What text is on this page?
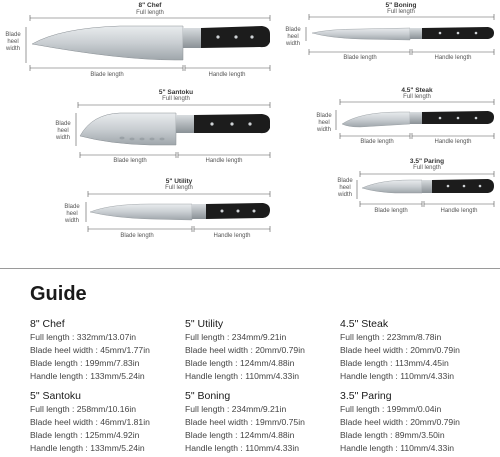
8" Chef
Full length
Blade heel width
Blade length	Handle length
5" Boning
Full length
Blade heel width
Blade length	Handle length
5" Santoku
Full length
Blade heel width
Blade length	Handle length
4.5" Steak
Full length
Blade heel width
Blade length	Handle length
5" Utility
Full length
Blade heel width
Blade length	Handle length
3.5" Paring
Full length
Blade heel width
Blade length	Handle length
Guide
8" Chef
Full length : 332mm/13.07in
Blade heel width : 45mm/1.77in
Blade length : 199mm/7.83in
Handle length : 133mm/5.24in
5" Santoku
Full length : 258mm/10.16in
Blade heel width : 46mm/1.81in
Blade length : 125mm/4.92in
Handle length : 133mm/5.24in
5" Utility
Full length : 234mm/9.21in
Blade heel width : 20mm/0.79in
Blade length : 124mm/4.88in
Handle length : 110mm/4.33in
5" Boning
Full length : 234mm/9.21in
Blade heel width : 19mm/0.75in
Blade length : 124mm/4.88in
Handle length : 110mm/4.33in
4.5" Steak
Full length : 223mm/8.78in
Blade heel width : 20mm/0.79in
Blade length : 113mm/4.45in
Handle length : 110mm/4.33in
3.5" Paring
Full length : 199mm/0.04in
Blade heel width : 20mm/0.79in
Blade length : 89mm/3.50in
Handle length : 110mm/4.33in
